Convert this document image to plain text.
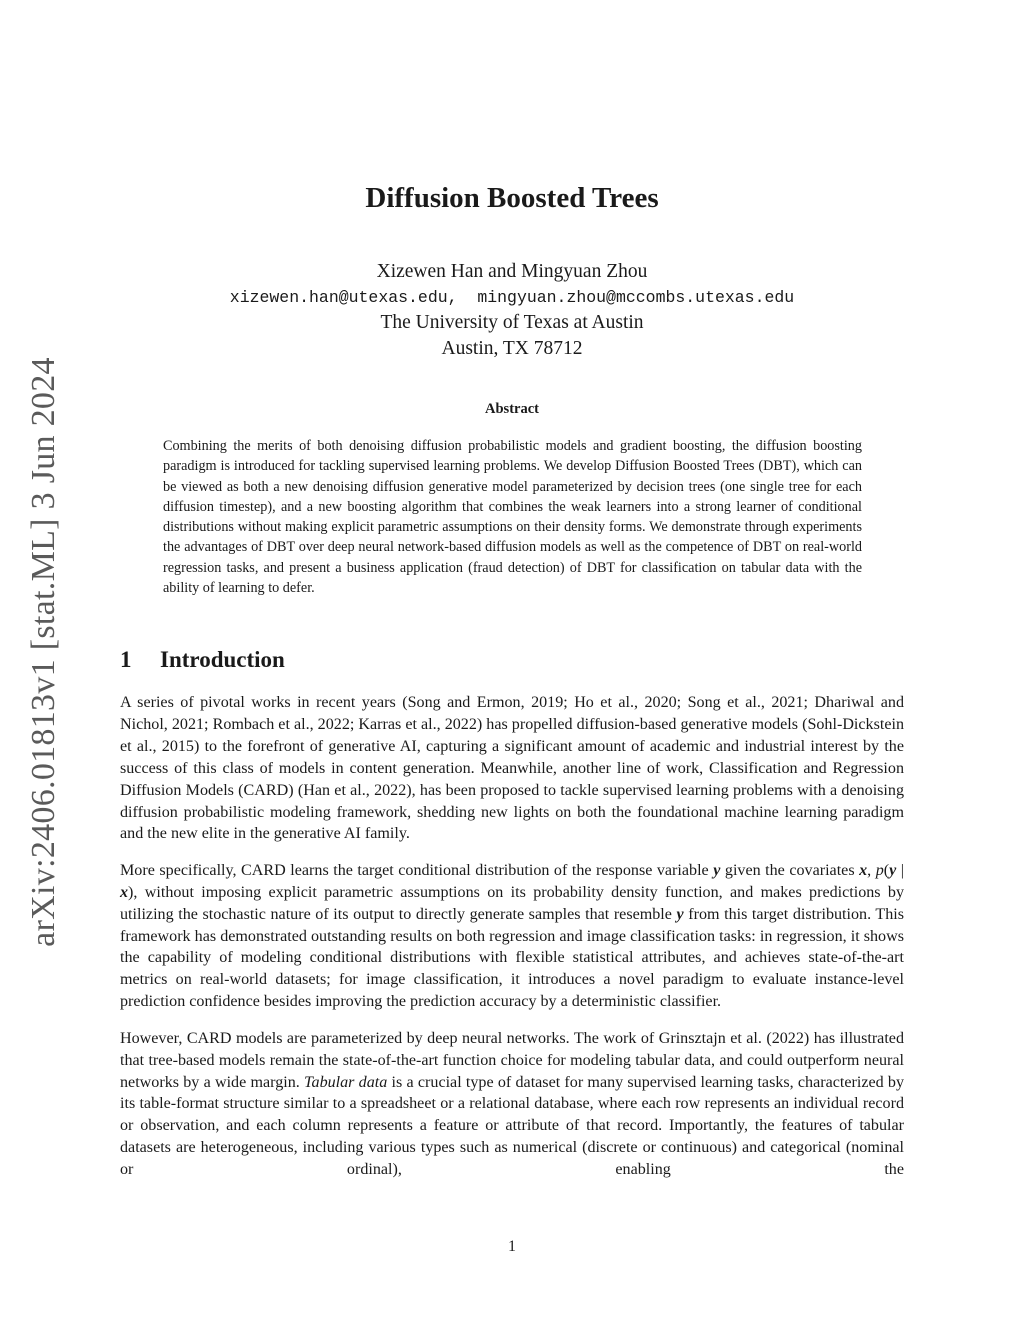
arXiv:2406.01813v1 [stat.ML] 3 Jun 2024
Diffusion Boosted Trees
Xizewen Han and Mingyuan Zhou
xizewen.han@utexas.edu,  mingyuan.zhou@mccombs.utexas.edu
The University of Texas at Austin
Austin, TX 78712
Abstract
Combining the merits of both denoising diffusion probabilistic models and gradient boosting, the diffusion boosting paradigm is introduced for tackling supervised learning problems. We develop Diffusion Boosted Trees (DBT), which can be viewed as both a new denoising diffusion generative model parameterized by decision trees (one single tree for each diffusion timestep), and a new boosting algorithm that combines the weak learners into a strong learner of conditional distributions without making explicit parametric assumptions on their density forms. We demonstrate through experiments the advantages of DBT over deep neural network-based diffusion models as well as the competence of DBT on real-world regression tasks, and present a business application (fraud detection) of DBT for classification on tabular data with the ability of learning to defer.
1 Introduction

A series of pivotal works in recent years (Song and Ermon, 2019; Ho et al., 2020; Song et al., 2021; Dhariwal and Nichol, 2021; Rombach et al., 2022; Karras et al., 2022) has propelled diffusion-based generative models (Sohl-Dickstein et al., 2015) to the forefront of generative AI, capturing a significant amount of academic and industrial interest by the success of this class of models in content generation. Meanwhile, another line of work, Classification and Regression Diffusion Models (CARD) (Han et al., 2022), has been proposed to tackle supervised learning problems with a denoising diffusion probabilistic modeling framework, shedding new lights on both the foundational machine learning paradigm and the new elite in the generative AI family.

More specifically, CARD learns the target conditional distribution of the response variable y given the covariates x, p(y | x), without imposing explicit parametric assumptions on its probability density function, and makes predictions by utilizing the stochastic nature of its output to directly generate samples that resemble y from this target distribution. This framework has demonstrated outstanding results on both regression and image classification tasks: in regression, it shows the capability of modeling conditional distributions with flexible statistical attributes, and achieves state-of-the-art metrics on real-world datasets; for image classification, it introduces a novel paradigm to evaluate instance-level prediction confidence besides improving the prediction accuracy by a deterministic classifier.

However, CARD models are parameterized by deep neural networks. The work of Grinsztajn et al. (2022) has illustrated that tree-based models remain the state-of-the-art function choice for modeling tabular data, and could outperform neural networks by a wide margin. Tabular data is a crucial type of dataset for many supervised learning tasks, characterized by its table-format structure similar to a spreadsheet or a relational database, where each row represents an individual record or observation, and each column represents a feature or attribute of that record. Importantly, the features of tabular datasets are heterogeneous, including various types such as numerical (discrete or continuous) and categorical (nominal or ordinal), enabling the

1
